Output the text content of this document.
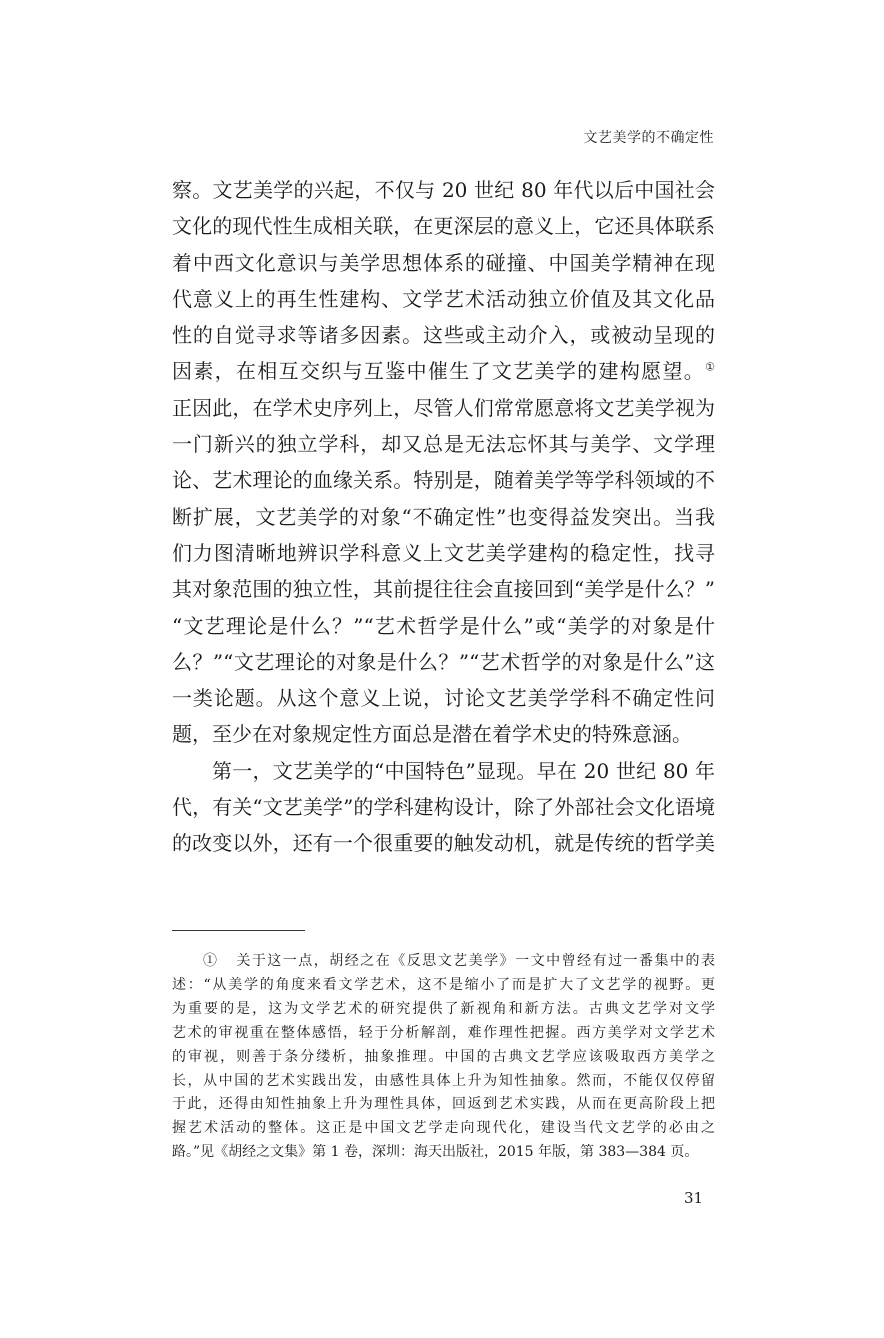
文艺美学的不确定性
察。文艺美学的兴起，不仅与 20 世纪 80 年代以后中国社会
文化的现代性生成相关联，在更深层的意义上，它还具体联系
着中西文化意识与美学思想体系的碰撞、中国美学精神在现
代意义上的再生性建构、文学艺术活动独立价值及其文化品
性的自觉寻求等诸多因素。这些或主动介入，或被动呈现的
因素，在相互交织与互鉴中催生了文艺美学的建构愿望。①
正因此，在学术史序列上，尽管人们常常愿意将文艺美学视为
一门新兴的独立学科，却又总是无法忘怀其与美学、文学理
论、艺术理论的血缘关系。特别是，随着美学等学科领域的不
断扩展，文艺美学的对象“不确定性”也变得益发突出。当我
们力图清晰地辨识学科意义上文艺美学建构的稳定性，找寻
其对象范围的独立性，其前提往往会直接回到“美学是什么？”
“文艺理论是什么？”“艺术哲学是什么”或“美学的对象是什
么？”“文艺理论的对象是什么？”“艺术哲学的对象是什么”这
一类论题。从这个意义上说，讨论文艺美学学科不确定性问
题，至少在对象规定性方面总是潜在着学术史的特殊意涵。
第一，文艺美学的“中国特色”显现。早在 20 世纪 80 年
代，有关“文艺美学”的学科建构设计，除了外部社会文化语境
的改变以外，还有一个很重要的触发动机，就是传统的哲学美
① 关于这一点，胡经之在《反思文艺美学》一文中曾经有过一番集中的表
述：“从美学的角度来看文学艺术，这不是缩小了而是扩大了文艺学的视野。更
为重要的是，这为文学艺术的研究提供了新视角和新方法。古典文艺学对文学
艺术的审视重在整体感悟，轻于分析解剖，难作理性把握。西方美学对文学艺术
的审视，则善于条分缕析，抽象推理。中国的古典文艺学应该吸取西方美学之
长，从中国的艺术实践出发，由感性具体上升为知性抽象。然而，不能仅仅停留
于此，还得由知性抽象上升为理性具体，回返到艺术实践，从而在更高阶段上把
握艺术活动的整体。这正是中国文艺学走向现代化，建设当代文艺学的必由之
路。”见《胡经之文集》第 1 卷，深圳：海天出版社，2015 年版，第 383—384 页。
31
